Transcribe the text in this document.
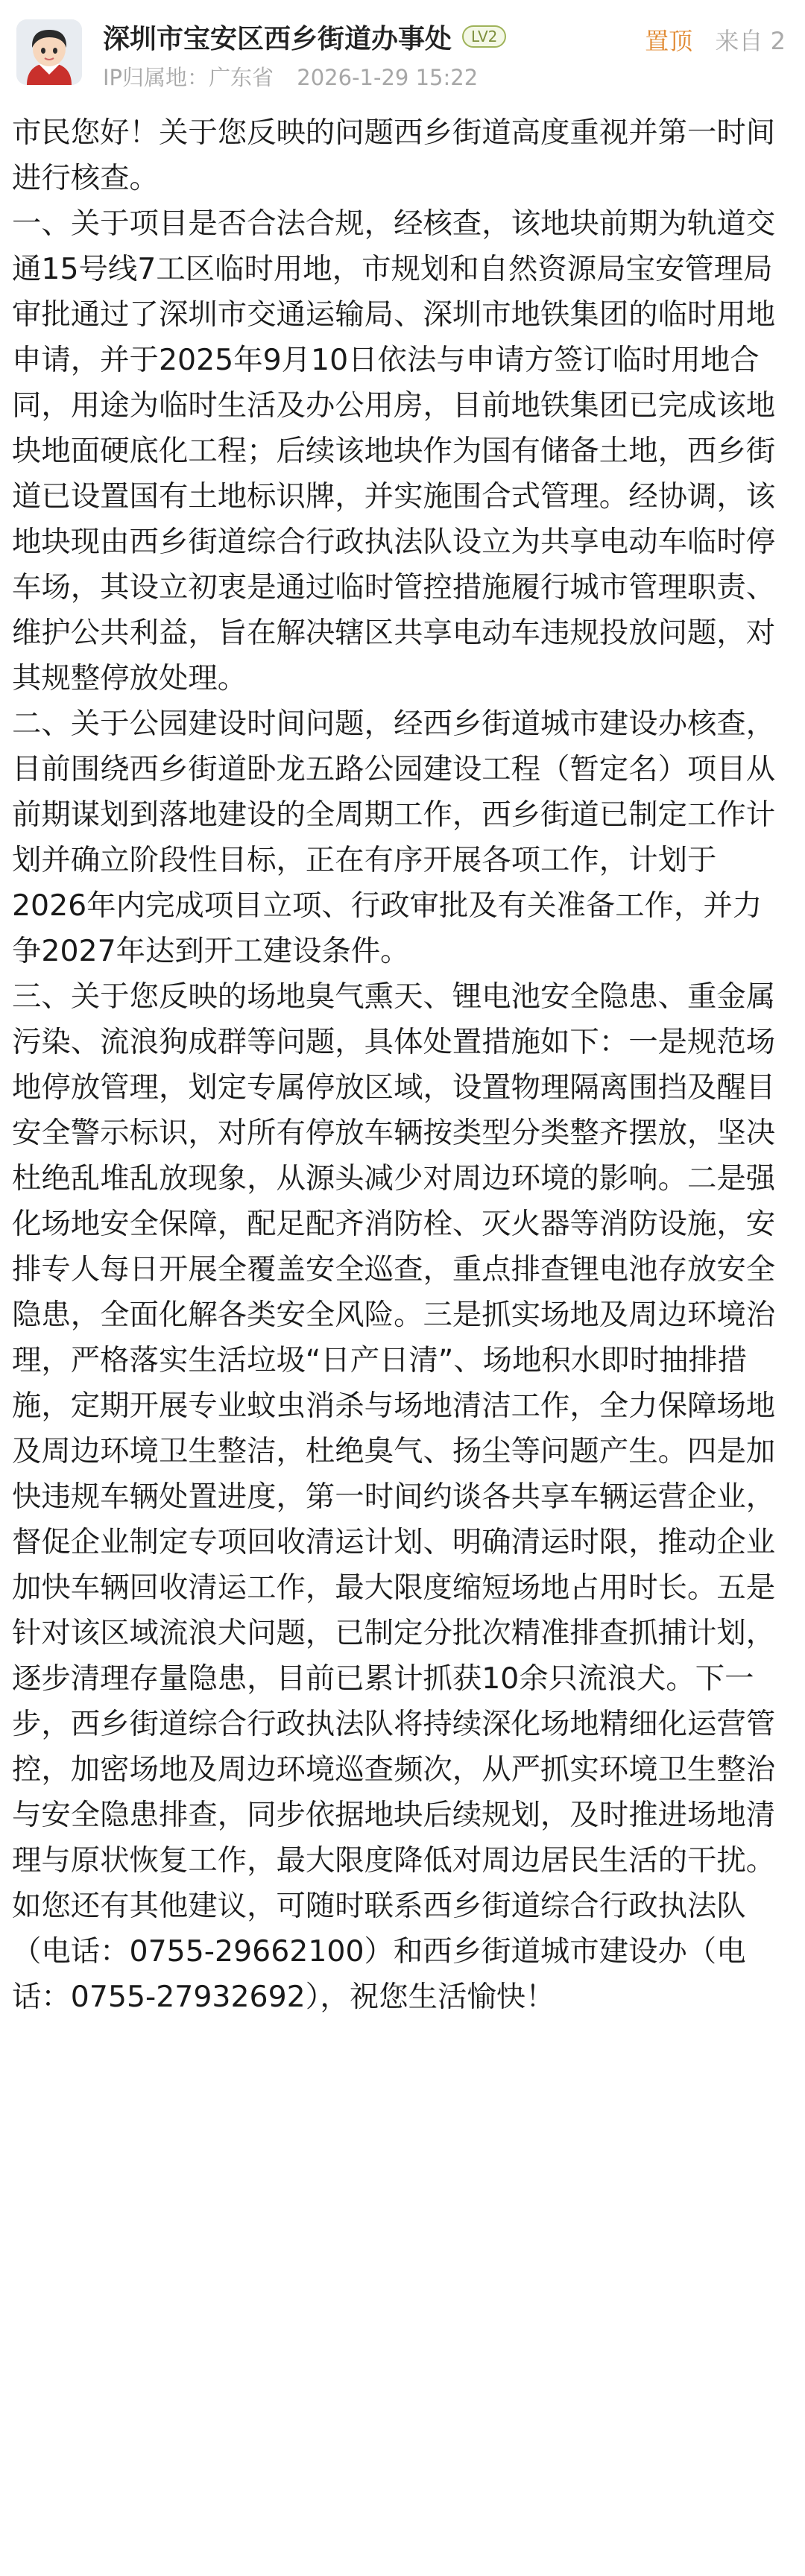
深圳市宝安区西乡街道办事处	LV2
IP归属地：广东省 2026-1-29 15:22
置顶 来自 2

市民您好！关于您反映的问题西乡街道高度重视并第一时间进行核查。

一、关于项目是否合法合规，经核查，该地块前期为轨道交通15号线7工区临时用地，市规划和自然资源局宝安管理局审批通过了深圳市交通运输局、深圳市地铁集团的临时用地申请，并于2025年9月10日依法与申请方签订临时用地合同，用途为临时生活及办公用房，目前地铁集团已完成该地块地面硬底化工程；后续该地块作为国有储备土地，西乡街道已设置国有土地标识牌，并实施围合式管理。经协调，该地块现由西乡街道综合行政执法队设立为共享电动车临时停车场，其设立初衷是通过临时管控措施履行城市管理职责、维护公共利益，旨在解决辖区共享电动车违规投放问题，对其规整停放处理。

二、关于公园建设时间问题，经西乡街道城市建设办核查，目前围绕西乡街道卧龙五路公园建设工程（暂定名）项目从前期谋划到落地建设的全周期工作，西乡街道已制定工作计划并确立阶段性目标，正在有序开展各项工作，计划于2026年内完成项目立项、行政审批及有关准备工作，并力争2027年达到开工建设条件。

三、关于您反映的场地臭气熏天、锂电池安全隐患、重金属污染、流浪狗成群等问题，具体处置措施如下：一是规范场地停放管理，划定专属停放区域，设置物理隔离围挡及醒目安全警示标识，对所有停放车辆按类型分类整齐摆放，坚决杜绝乱堆乱放现象，从源头减少对周边环境的影响。二是强化场地安全保障，配足配齐消防栓、灭火器等消防设施，安排专人每日开展全覆盖安全巡查，重点排查锂电池存放安全隐患，全面化解各类安全风险。三是抓实场地及周边环境治理，严格落实生活垃圾“日产日清”、场地积水即时抽排措施，定期开展专业蚊虫消杀与场地清洁工作，全力保障场地及周边环境卫生整洁，杜绝臭气、扬尘等问题产生。四是加快违规车辆处置进度，第一时间约谈各共享车辆运营企业，督促企业制定专项回收清运计划、明确清运时限，推动企业加快车辆回收清运工作，最大限度缩短场地占用时长。五是针对该区域流浪犬问题，已制定分批次精准排查抓捕计划，逐步清理存量隐患，目前已累计抓获10余只流浪犬。下一步，西乡街道综合行政执法队将持续深化场地精细化运营管控，加密场地及周边环境巡查频次，从严抓实环境卫生整治与安全隐患排查，同步依据地块后续规划，及时推进场地清理与原状恢复工作，最大限度降低对周边居民生活的干扰。

如您还有其他建议，可随时联系西乡街道综合行政执法队（电话：0755-29662100）和西乡街道城市建设办（电话：0755-27932692），祝您生活愉快！
